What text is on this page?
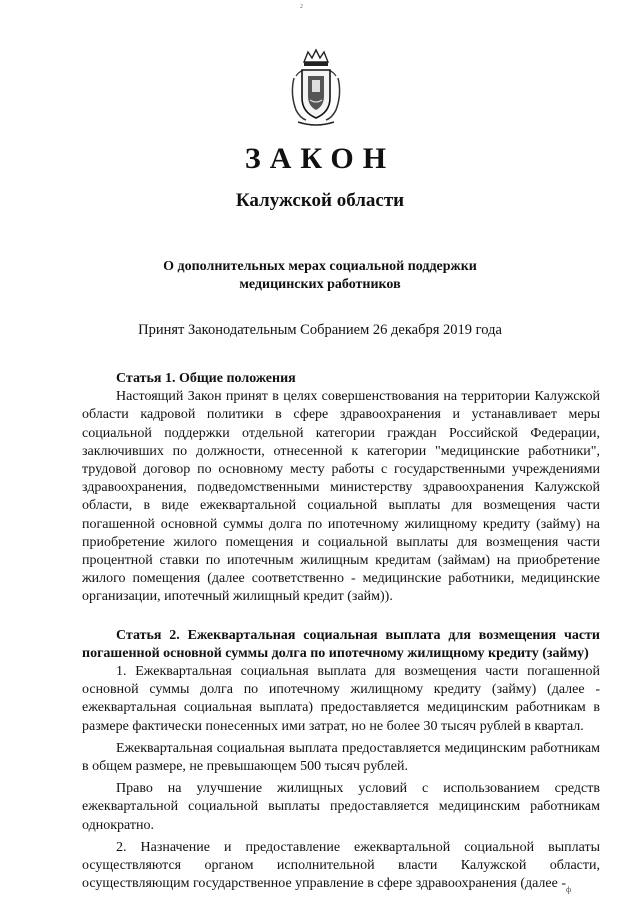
2
ЗАКОН
Калужской области
О дополнительных мерах социальной поддержки
медицинских работников
Принят Законодательным Собранием 26 декабря 2019 года

Статья 1. Общие положения

Настоящий Закон принят в целях совершенствования на территории Калужской области кадровой политики в сфере здравоохранения и устанавливает меры социальной поддержки отдельной категории граждан Российской Федерации, заключивших по должности, отнесенной к категории "медицинские работники", трудовой договор по основному месту работы с государственными учреждениями здравоохранения, подведомственными министерству здравоохранения Калужской области, в виде ежеквартальной социальной выплаты для возмещения части погашенной основной суммы долга по ипотечному жилищному кредиту (займу) на приобретение жилого помещения и социальной выплаты для возмещения части процентной ставки по ипотечным жилищным кредитам (займам) на приобретение жилого помещения (далее соответственно - медицинские работники, медицинские организации, ипотечный жилищный кредит (займ)).

Статья 2. Ежеквартальная социальная выплата для возмещения части погашенной основной суммы долга по ипотечному жилищному кредиту (займу)

1. Ежеквартальная социальная выплата для возмещения части погашенной основной суммы долга по ипотечному жилищному кредиту (займу) (далее - ежеквартальная социальная выплата) предоставляется медицинским работникам в размере фактически понесенных ими затрат, но не более 30 тысяч рублей в квартал.

Ежеквартальная социальная выплата предоставляется медицинским работникам в общем размере, не превышающем 500 тысяч рублей.

Право на улучшение жилищных условий с использованием средств ежеквартальной социальной выплаты предоставляется медицинским работникам однократно.

2. Назначение и предоставление ежеквартальной социальной выплаты осуществляются органом исполнительной власти Калужской области, осуществляющим государственное управление в сфере здравоохранения (далее - ф
